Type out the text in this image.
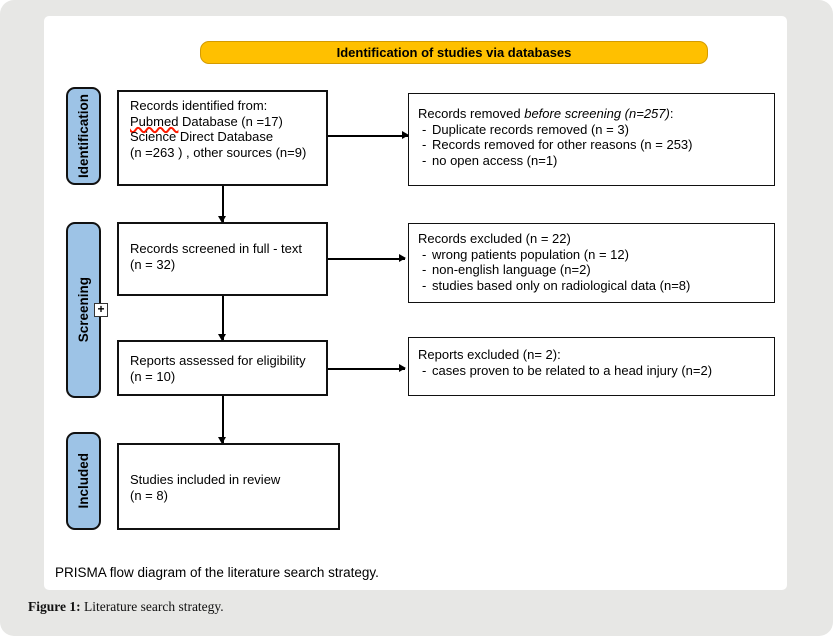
Identification of studies via databases
Identification
Screening +
Included
Records identified from:
Pubmed Database (n =17)
Science Direct Database
(n =263 ) , other sources (n=9)
Records screened in full - text
(n = 32)
Reports assessed for eligibility
(n = 10)
Studies included in review
(n = 8)
Records removed before screening (n=257):
- Duplicate records removed (n = 3)
- Records removed for other reasons (n = 253)
- no open access (n=1)
Records excluded (n = 22)
- wrong patients population (n = 12)
- non-english language (n=2)
- studies based only on radiological data (n=8)
Reports excluded (n= 2):
- cases proven to be related to a head injury (n=2)
PRISMA flow diagram of the literature search strategy.
Figure 1: Literature search strategy.
